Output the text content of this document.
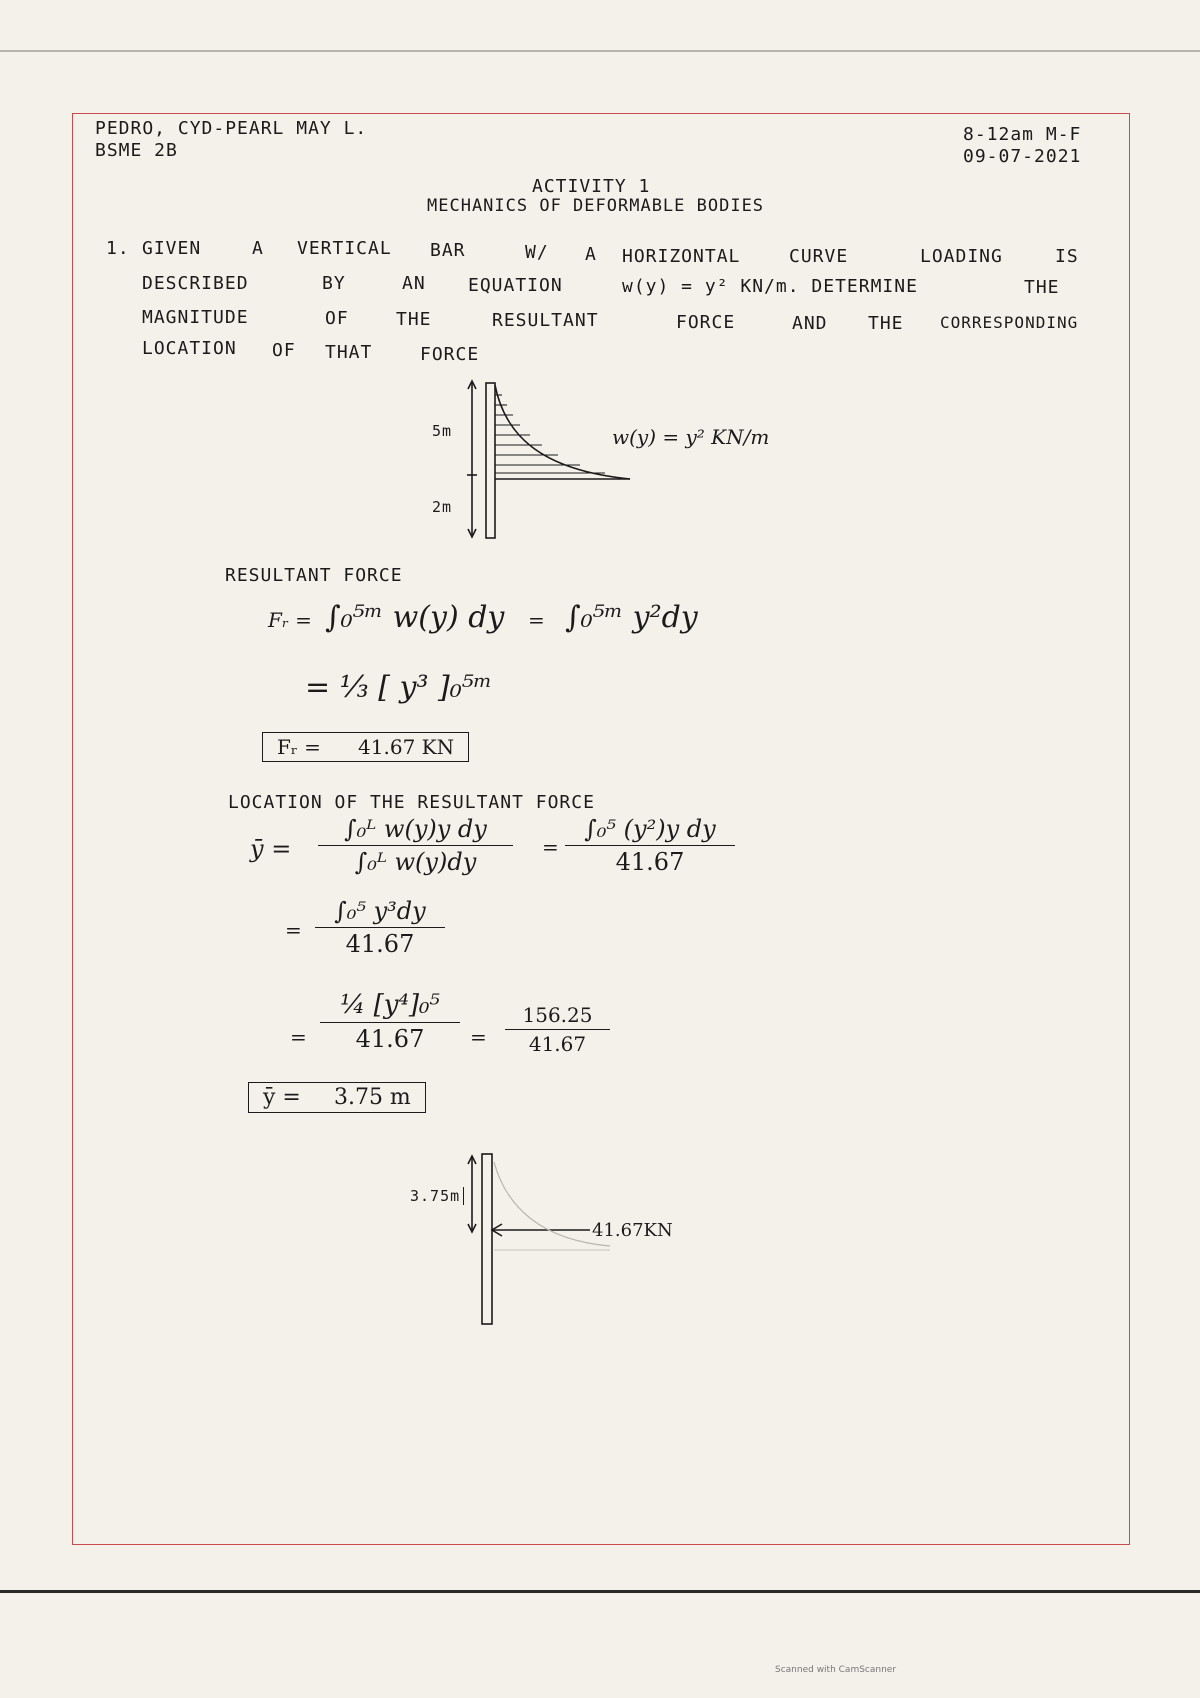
PEDRO, CYD-PEARL MAY L.
BSME 2B
8-12am M-F
09-07-2021
ACTIVITY 1
MECHANICS OF DEFORMABLE BODIES
1. GIVEN	A VERTICAL BAR	W/ A HORIZONTAL	CURVE	LOADING	IS
DESCRIBED	BY	AN EQUATION	w(y) = y² KN/m. DETERMINE	THE
MAGNITUDE	OF	THE	RESULTANT	FORCE	AND THE CORRESPONDING
LOCATION OF THAT	FORCE
5m
2m
w(y) = y² KN/m
RESULTANT FORCE
Fᵣ = ∫₀⁵ᵐ w(y) dy = ∫₀⁵ᵐ y²dy
= ⅓ [ y³ ]₀⁵ᵐ
Fᵣ = 41.67 KN
LOCATION OF THE RESULTANT FORCE
ȳ =
∫₀ᴸ w(y)y dy
∫₀ᴸ w(y)dy
=
∫₀⁵ (y²)y dy
41.67
=
∫₀⁵ y³dy
41.67
=
¼ [y⁴]₀⁵
41.67	=
156.25
41.67
ȳ = 3.75 m
3.75m
41.67KN
Scanned with CamScanner
